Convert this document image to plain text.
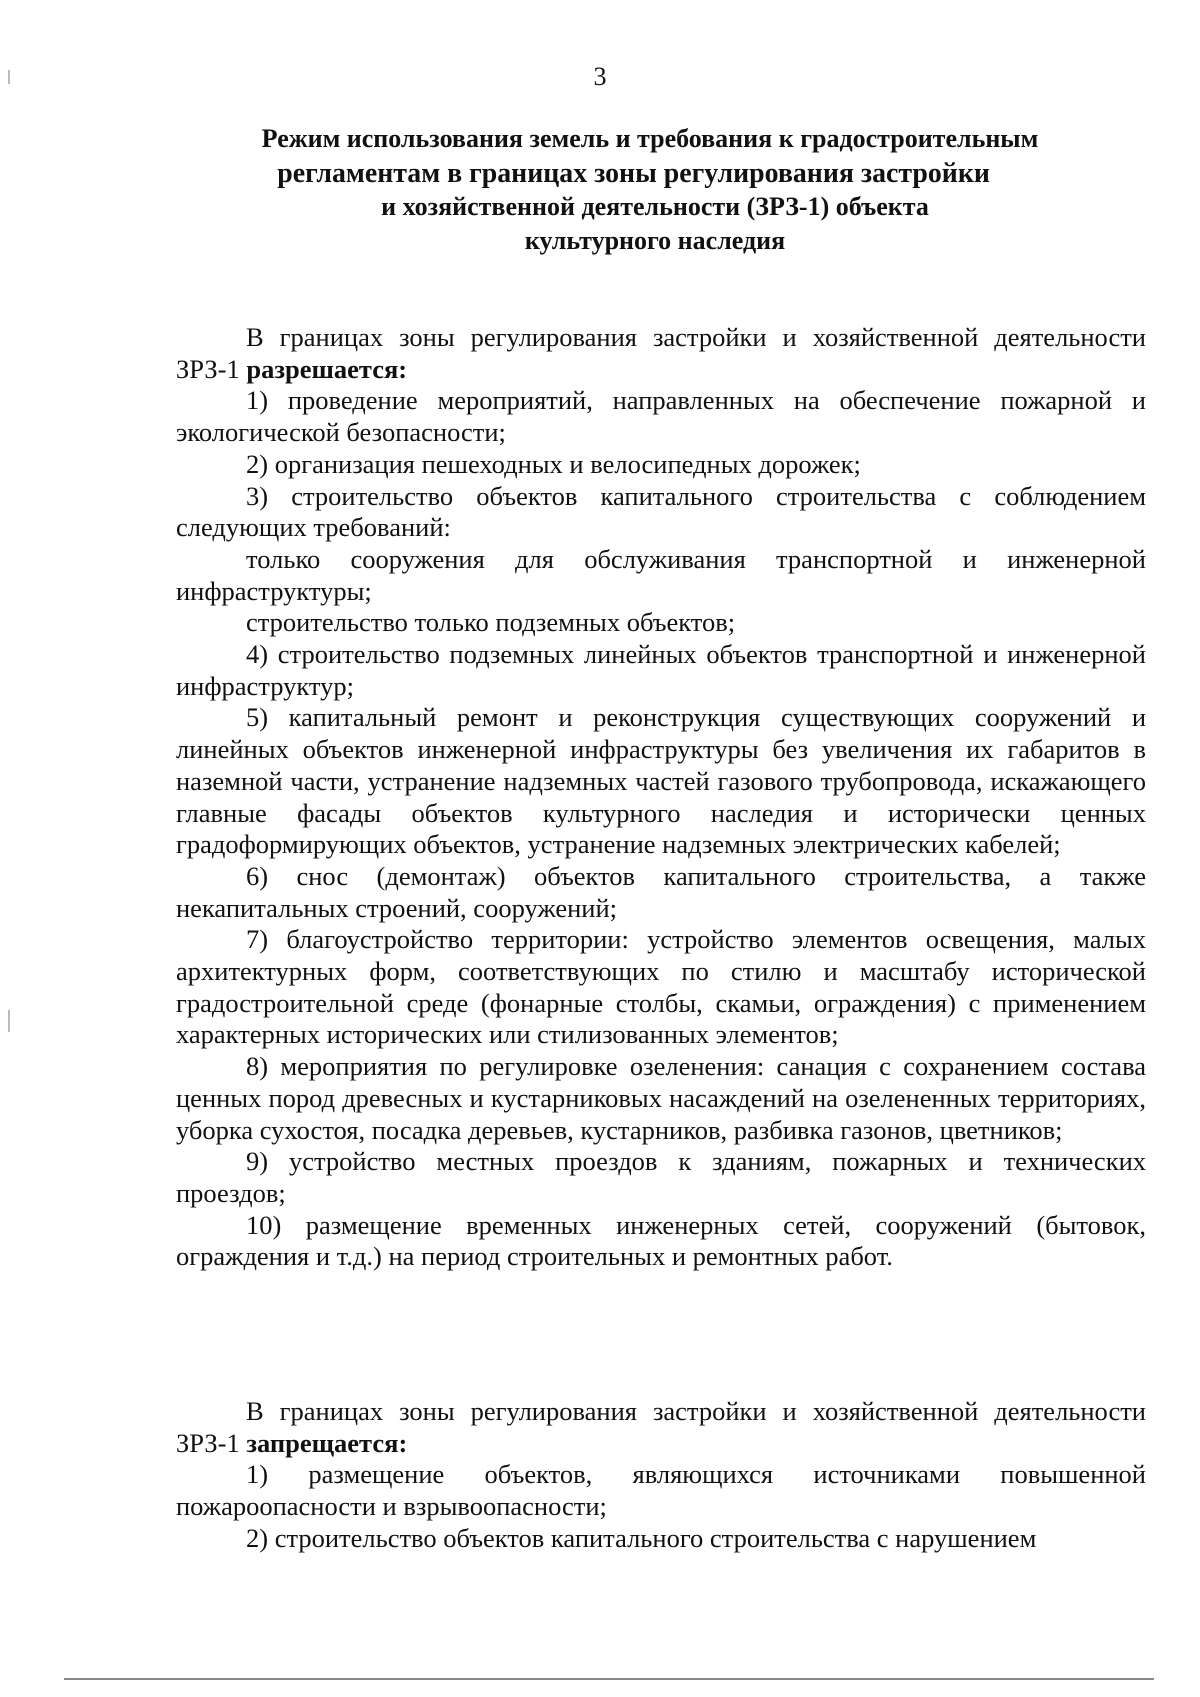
3
Режим использования земель и требования к градостроительным
регламентам в границах зоны регулирования застройки
и хозяйственной деятельности (ЗРЗ-1) объекта
культурного наследия

В границах зоны регулирования застройки и хозяйственной деятельности ЗРЗ-1 разрешается:

1) проведение мероприятий, направленных на обеспечение пожарной и экологической безопасности;

2) организация пешеходных и велосипедных дорожек;

3) строительство объектов капитального строительства с соблюдением следующих требований:

только сооружения для обслуживания транспортной и инженерной инфраструктуры;

строительство только подземных объектов;

4) строительство подземных линейных объектов транспортной и инженерной инфраструктур;

5) капитальный ремонт и реконструкция существующих сооружений и линейных объектов инженерной инфраструктуры без увеличения их габаритов в наземной части, устранение надземных частей газового трубопровода, искажающего главные фасады объектов культурного наследия и исторически ценных градоформирующих объектов, устранение надземных электрических кабелей;

6) снос (демонтаж) объектов капитального строительства, а также некапитальных строений, сооружений;

7) благоустройство территории: устройство элементов освещения, малых архитектурных форм, соответствующих по стилю и масштабу исторической градостроительной среде (фонарные столбы, скамьи, ограждения) с применением характерных исторических или стилизованных элементов;

8) мероприятия по регулировке озеленения: санация с сохранением состава ценных пород древесных и кустарниковых насаждений на озелененных территориях, уборка сухостоя, посадка деревьев, кустарников, разбивка газонов, цветников;

9) устройство местных проездов к зданиям, пожарных и технических проездов;

10) размещение временных инженерных сетей, сооружений (бытовок, ограждения и т.д.) на период строительных и ремонтных работ.

В границах зоны регулирования застройки и хозяйственной деятельности ЗРЗ-1 запрещается:

1) размещение объектов, являющихся источниками повышенной пожароопасности и взрывоопасности;

2) строительство объектов капитального строительства с нарушением
